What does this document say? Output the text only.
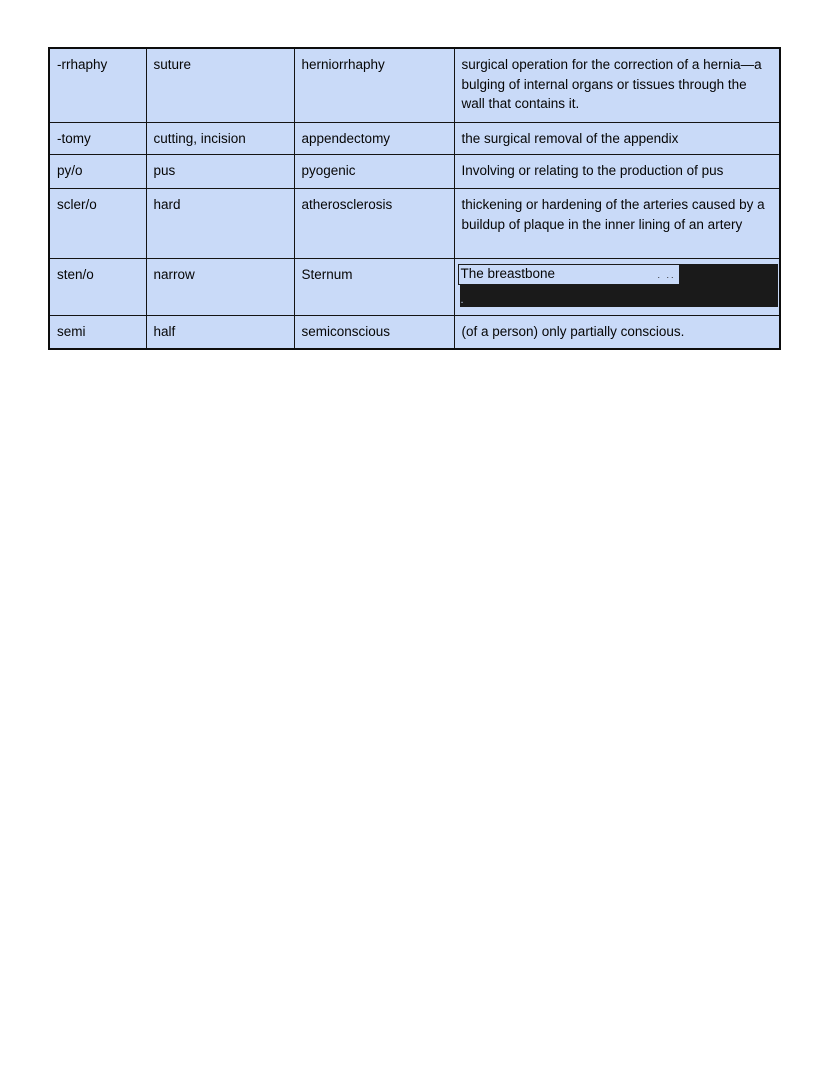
-rrhaphy	suture	herniorrhaphy	surgical operation for the correction of a hernia—a bulging of internal organs or tissues through the wall that contains it.
-tomy	cutting, incision	appendectomy	the surgical removal of the appendix
py/o	pus	pyogenic	Involving or relating to the production of pus
scler/o	hard	atherosclerosis	thickening or hardening of the arteries caused by a buildup of plaque in the inner lining of an artery
sten/o	narrow	Sternum	The breastbone . ..
.

semi	half	semiconscious	(of a person) only partially conscious.
